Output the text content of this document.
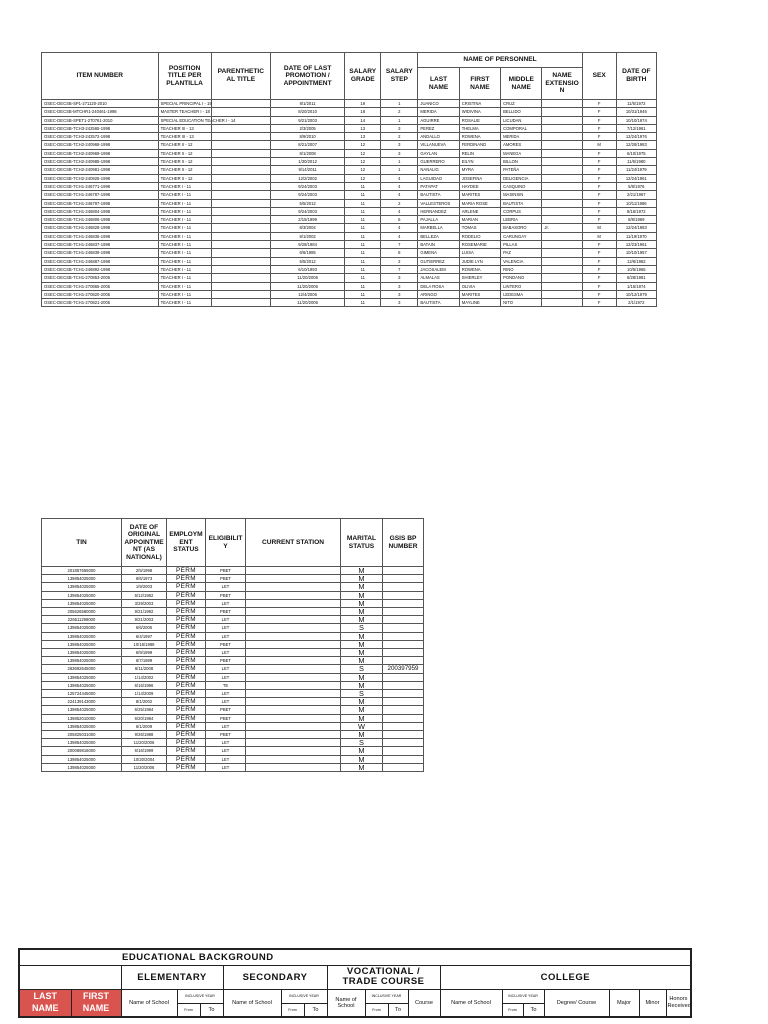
ITEM NUMBER	POSITION TITLE PER PLANTILLA	PARENTHETIC AL TITLE	DATE OF LAST PROMOTION / APPOINTMENT	SALARY GRADE	SALARY STEP	NAME OF PERSONNEL				SEX	DATE OF BIRTH
						LAST NAME	FIRST NAME	MIDDLE NAME	NAME EXTENSIO N		
OSEC-DECSB-SP1-271120-2010	SPECIAL PRINCIPAL I - 19		8/1/2011	19	1	JUANICO	CRISTINA	CRUZ		F	11/5/1972
OSEC-DECSB-MTCHR1-240461-1998	MASTER TEACHER I - 18		8/20/2010	18	2	MERIDA	WIDIVINA	BELLIDO		F	10/31/1946
OSEC-DECSB-SPET1-270761-2010	SPECIAL EDUCATION TEACHER I - 14		9/21/2003	14	1	AGUIRRE	ROSALIE	LICUDAN		F	10/10/1974
OSEC-DECSB-TCH3-242565-1998	TEACHER III - 13		2/3/2005	13	3	PEREZ	THELMA	COMPORAL		F	7/12/1961
OSEC-DECSB-TCH3-242572-1998	TEACHER III - 13		8/9/2010	13	2	ANDALLO	ROWENA	MERIDA		F	12/24/1976
OSEC-DECSB-TCH2-240968-1998	TEACHER II - 12		8/21/2007	12	3	VILLANUEVA	FERDINAND	AMORES		M	12/28/1983
OSEC-DECSB-TCH2-240969-1998	TEACHER II - 12		8/1/2008	12	3	GAYLAN	RELIN	MANEGA		F	6/10/1975
OSEC-DECSB-TCH2-240985-1998	TEACHER II - 12		1/30/2012	12	1	GUERRERO	EILYN	BILLON		F	11/6/1980
OSEC-DECSB-TCH2-240981-1998	TEACHER II - 12		9/14/2011	12	1	NANALIG	MYRA	PATEÑA		F	11/24/1979
OSEC-DECSB-TCH2-240925-1998	TEACHER II - 12		12/2/2002	12	4	LAGUIDAO	JOSEFINA	DELIGENCIA		F	12/24/1961
OSEC-DECSB-TCH1-246771-1998	TEACHER I - 11		9/24/2003	11	4	PATAPAT	HAYDEE	CASQUINO		F	5/8/1976
OSEC-DECSB-TCH1-246787-1998	TEACHER I - 11		9/24/2003	11	4	BAUTISTA	MARITES	MASINSIN		F	2/21/1967
OSEC-DECSB-TCH1-246797-1998	TEACHER I - 11		5/5/2012	11	2	VALLESTEROS	MARIA ROSE	BAUTISTA		F	10/11/1986
OSEC-DECSB-TCH1-246804-1998	TEACHER I - 11		9/24/2003	11	4	HERNANDEZ	ARLENE	CORPUS		F	8/16/1972
OSEC-DECSB-TCH1-246806-1998	TEACHER I - 11		2/15/1999	11	5	PAJALLA	MARIAN	LEBRIA		F	8/8/1969
OSEC-DECSB-TCH1-246828-1998	TEACHER I - 11		8/3/2004	11	4	MARBELLA	TOMAS	BABASORO	Jr.	M	12/24/1983
OSEC-DECSB-TCH1-246835-1998	TEACHER I - 11		8/1/2002	11	4	BELLEZA	RODELIO	CARUNGAY		M	11/19/1970
OSEC-DECSB-TCH1-246837-1998	TEACHER I - 11		9/28/1984	11	7	BATAIN	ROSEMARIE	PILLAS		F	12/23/1961
OSEC-DECSB-TCH1-246839-1998	TEACHER I - 11		6/6/1985	11	8	GIMENA	LUISA	PAZ		F	10/10/1957
OSEC-DECSB-TCH1-246887-1998	TEACHER I - 11		5/5/2012	11	2	GUTIERREZ	JUDIE LYN	VALENCIA		F	12/6/1982
OSEC-DECSB-TCH1-246892-1998	TEACHER I - 11		6/10/1993	11	7	JACOSALEM	ROWENA	RINO		F	10/5/1965
OSEC-DECSB-TCH1-270853-2005	TEACHER I - 11		11/20/2006	11	3	ALMALAS	SHIERLEY	PONDANO		F	8/28/1981
OSEC-DECSB-TCH1-270865-2005	TEACHER I - 11		11/20/2006	11	3	DELA ROSA	OLIVIA	LINTERO		F	1/15/1974
OSEC-DECSB-TCH1-270820-2005	TEACHER I - 11		12/4/2006	11	3	ARINGO	MARITES	LEDESMA		F	10/12/1979
OSEC-DECSB-TCH1-270821-2005	TEACHER I - 11		11/20/2006	11	3	BAUTISTA	MAYLINE	NITO		F	2/1/1972
TIN	DATE OF ORIGINAL APPOINTME NT (AS NATIONAL)	EMPLOYM ENT STATUS	ELIGIBILIT Y	CURRENT STATION	MARITAL STATUS	GSIS BP NUMBER
201857655000	2/5/1998	PERM	PBET		M	
139854025000	6/6/1973	PERM	PBET		M	
139854025000	1/9/2003	PERM	LET		M	
139854025000	6/12/1982	PERM	PBET		M	
139854025000	3/29/2003	PERM	LET		M	
205626580000	9/21/1992	PERM	PBET		M	
226511298000	9/21/2003	PERM	LET		M	
139854025000	6/6/2005	PERM	LET		S	
139854025000	6/4/1997	PERM	LET		M	
139854025000	10/18/1988	PERM	PBET		M	
139854025000	6/9/1999	PERM	LET		M	
139854025000	6/7/1989	PERM	PBET		M	
263692645000	6/11/2008	PERM	LET		S	200397959
139854025000	1/14/2002	PERM	LET		M	
139854025000	6/16/1996	PERM	TE		M	
125724445000	1/14/2009	PERM	LET		S	
224139143000	8/1/2002	PERM	LET		M	
139854025000	6/25/1984	PERM	PBET		M	
139852010000	6/20/1984	PERM	PBET		M	
139854025000	6/1/2009	PERM	LET		W	
205825031000	9/26/1988	PERM	PBET		M	
139854025000	11/20/2006	PERM	LET		S	
200069816000	6/16/1999	PERM	LET		M	
139854025000	10/20/2004	PERM	LET		M	
139854025000	11/20/2006	PERM	LET		M	
		EDUCATIONAL BACKGROUND																
		ELEMENTARY			SECONDARY			VOCATIONAL / TRADE COURSE				COLLEGE						
LAST NAME	FIRST NAME	Name of School	INCLUSIVE YEAR		Name of School	INCLUSIVE YEAR		Name of School	INCLUSIVE YEAR		Course	Name of School	INCLUSIVE YEAR		Degree/ Course	Major	Minor	Honors Received
			From	To		From	To		From	To			From	To				
